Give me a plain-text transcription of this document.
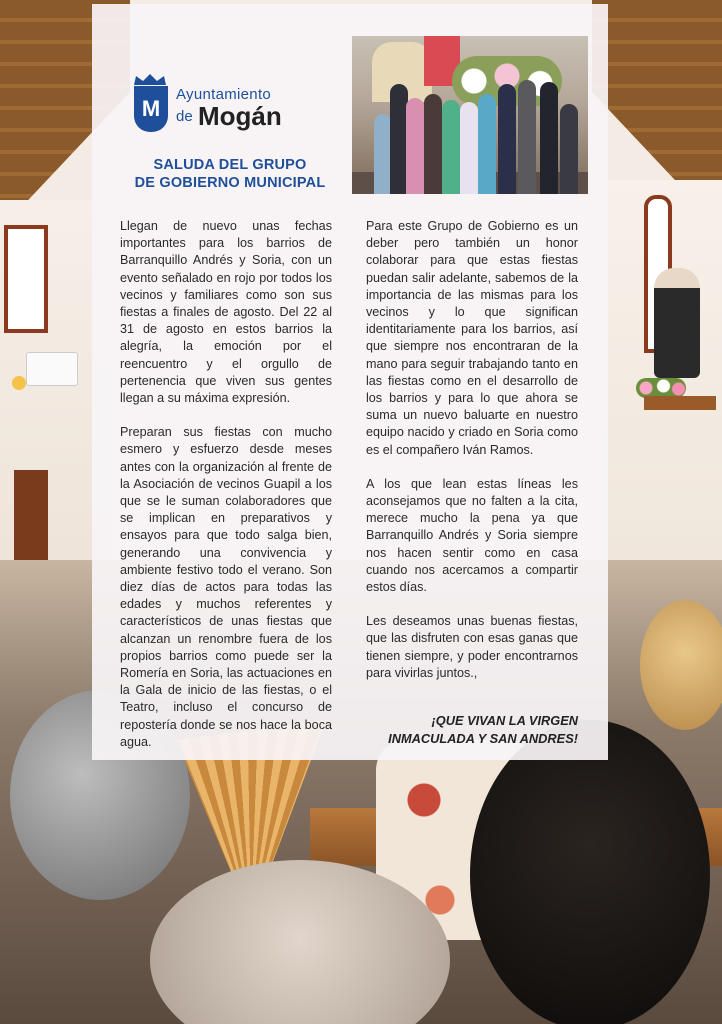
M
Ayuntamiento
de Mogán
SALUDA DEL GRUPO
DE GOBIERNO MUNICIPAL

Llegan de nuevo unas fechas importantes para los barrios de Barranquillo Andrés y Soria, con un evento señalado en rojo por todos los vecinos y familiares como son sus fiestas a finales de agosto. Del 22 al 31 de agosto en estos barrios la alegría, la emoción por el reencuentro y el orgullo de pertenencia que viven sus gentes llegan a su máxima expresión.

Preparan sus fiestas con mucho esmero y esfuerzo desde meses antes con la organización al frente de la Asociación de vecinos Guapil a los que se le suman colaboradores que se implican en preparativos y ensayos para que todo salga bien, generando una convivencia y ambiente festivo todo el verano. Son diez días de actos para todas las edades y muchos referentes y característicos de unas fiestas que alcanzan un renombre fuera de los propios barrios como puede ser la Romería en Soria, las actuaciones en la Gala de inicio de las fiestas, o el Teatro, incluso el concurso de repostería donde se nos hace la boca agua.

Para este Grupo de Gobierno es un deber pero también un honor colaborar para que estas fiestas puedan salir adelante, sabemos de la importancia de las mismas para los vecinos y lo que significan identitariamente para los barrios, así que siempre nos encontraran de la mano para seguir trabajando tanto en las fiestas como en el desarrollo de los barrios y para lo que ahora se suma un nuevo baluarte en nuestro equipo nacido y criado en Soria como es el compañero Iván Ramos.

A los que lean estas líneas les aconsejamos que no falten a la cita, merece mucho la pena ya que Barranquillo Andrés y Soria siempre nos hacen sentir como en casa cuando nos acercamos a compartir estos días.

Les deseamos unas buenas fiestas, que las disfruten con esas ganas que tienen siempre, y poder encontrarnos para vivirlas juntos.,

¡QUE VIVAN LA VIRGEN
INMACULADA Y SAN ANDRES!
